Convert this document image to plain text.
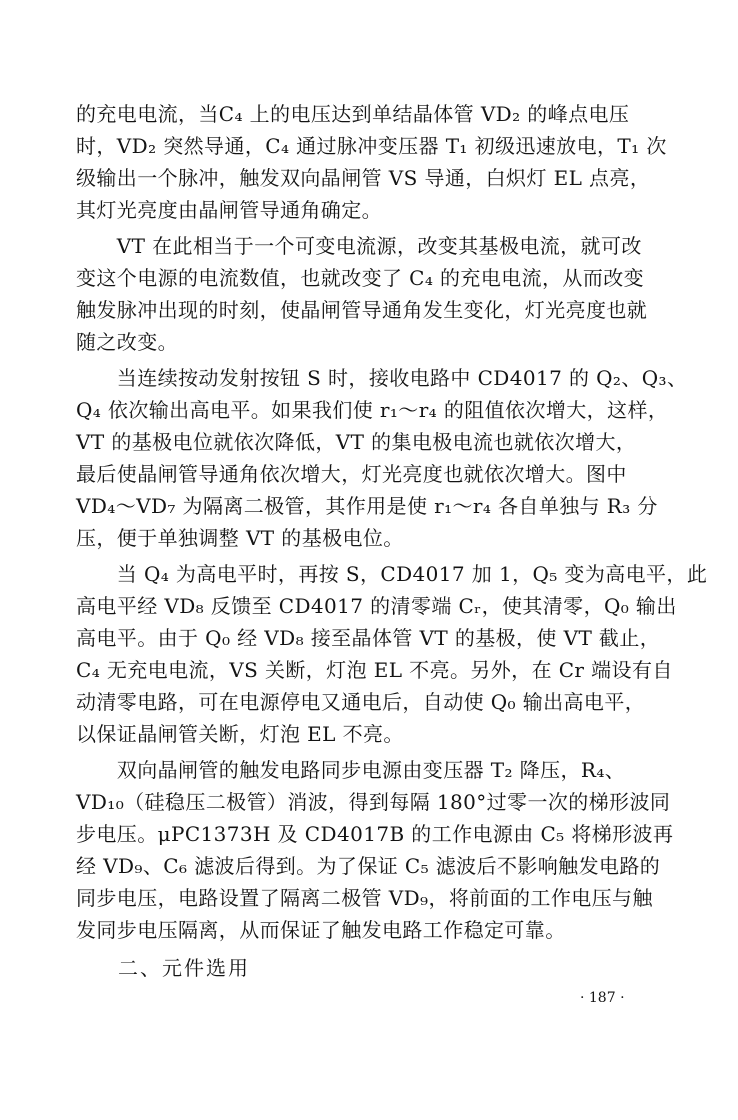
的充电电流，当C₄ 上的电压达到单结晶体管 VD₂ 的峰点电压
时，VD₂ 突然导通，C₄ 通过脉冲变压器 T₁ 初级迅速放电，T₁ 次
级输出一个脉冲，触发双向晶闸管 VS 导通，白炽灯 EL 点亮，
其灯光亮度由晶闸管导通角确定。
　　VT 在此相当于一个可变电流源，改变其基极电流，就可改
变这个电源的电流数值，也就改变了 C₄ 的充电电流，从而改变
触发脉冲出现的时刻，使晶闸管导通角发生变化，灯光亮度也就
随之改变。
　　当连续按动发射按钮 S 时，接收电路中 CD4017 的 Q₂、Q₃、
Q₄ 依次输出高电平。如果我们使 r₁～r₄ 的阻值依次增大，这样，
VT 的基极电位就依次降低，VT 的集电极电流也就依次增大，
最后使晶闸管导通角依次增大，灯光亮度也就依次增大。图中
VD₄～VD₇ 为隔离二极管，其作用是使 r₁～r₄ 各自单独与 R₃ 分
压，便于单独调整 VT 的基极电位。
　　当 Q₄ 为高电平时，再按 S，CD4017 加 1，Q₅ 变为高电平，此
高电平经 VD₈ 反馈至 CD4017 的清零端 Cᵣ，使其清零，Q₀ 输出
高电平。由于 Q₀ 经 VD₈ 接至晶体管 VT 的基极，使 VT 截止，
C₄ 无充电电流，VS 关断，灯泡 EL 不亮。另外，在 Cr 端设有自
动清零电路，可在电源停电又通电后，自动使 Q₀ 输出高电平，
以保证晶闸管关断，灯泡 EL 不亮。
　　双向晶闸管的触发电路同步电源由变压器 T₂ 降压，R₄、
VD₁₀（硅稳压二极管）消波，得到每隔 180°过零一次的梯形波同
步电压。μPC1373H 及 CD4017B 的工作电源由 C₅ 将梯形波再
经 VD₉、C₆ 滤波后得到。为了保证 C₅ 滤波后不影响触发电路的
同步电压，电路设置了隔离二极管 VD₉，将前面的工作电压与触
发同步电压隔离，从而保证了触发电路工作稳定可靠。
二、元件选用
· 187 ·
